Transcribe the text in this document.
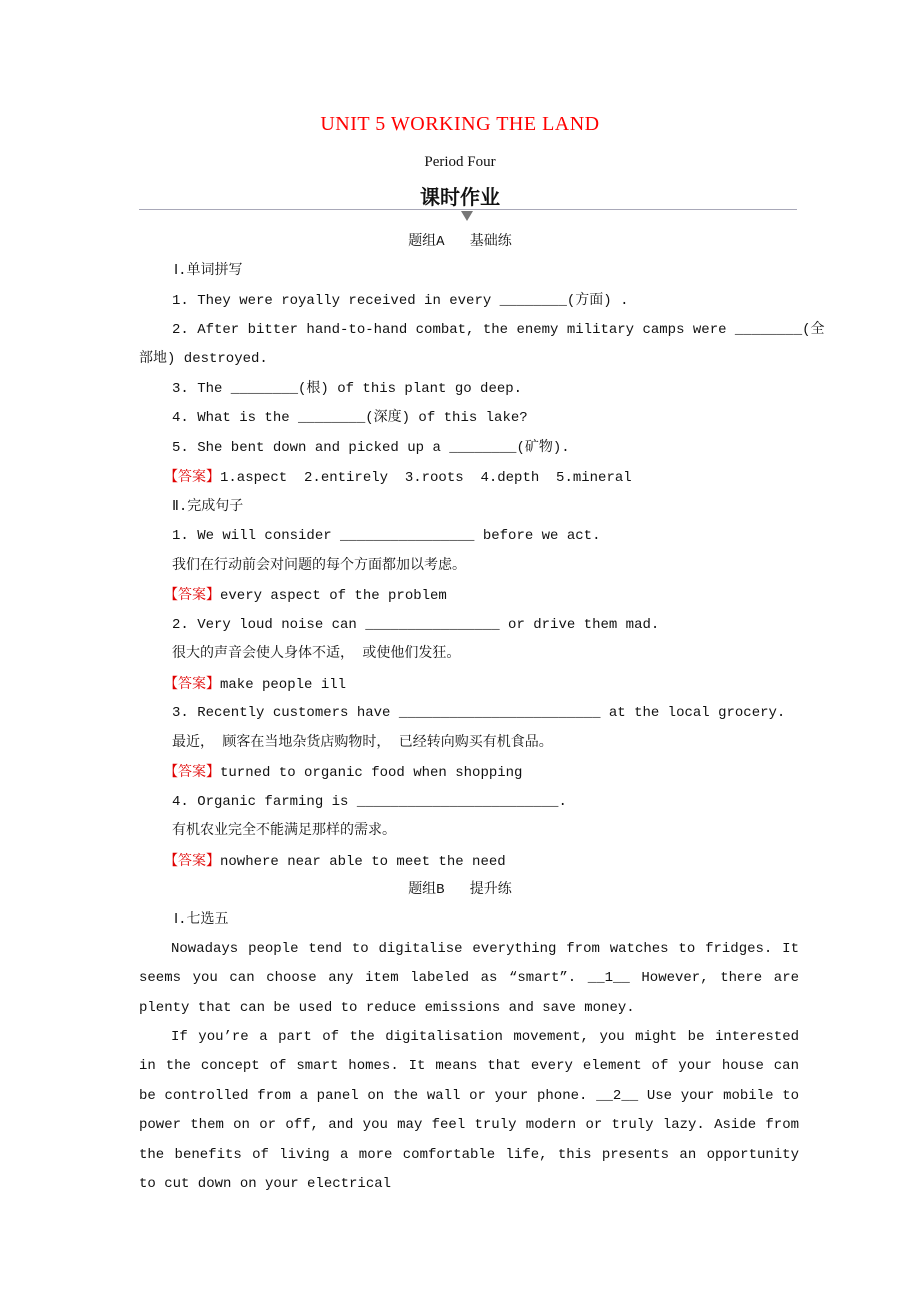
UNIT 5 WORKING THE LAND
Period Four
课时作业
题组A   基础练
Ⅰ.单词拼写
1. They were royally received in every ________(方面) .
2. After bitter hand-to-hand combat, the enemy military camps were ________(全
部地) destroyed.
3. The ________(根) of this plant go deep.
4. What is the ________(深度) of this lake?
5. She bent down and picked up a ________(矿物).
【答案】1.aspect  2.entirely  3.roots  4.depth  5.mineral
Ⅱ.完成句子
1. We will consider ________________ before we act.
我们在行动前会对问题的每个方面都加以考虑。
【答案】every aspect of the problem
2. Very loud noise can ________________ or drive them mad.
很大的声音会使人身体不适， 或使他们发狂。
【答案】make people ill
3. Recently customers have ________________________ at the local grocery.
最近， 顾客在当地杂货店购物时， 已经转向购买有机食品。
【答案】turned to organic food when shopping
4. Organic farming is ________________________.
有机农业完全不能满足那样的需求。
【答案】nowhere near able to meet the need
题组B   提升练
Ⅰ.七选五
Nowadays people tend to digitalise everything from watches to fridges. It seems you can choose any item labeled as “smart”. __1__ However, there are plenty that can be used to reduce emissions and save money.
If you’re a part of the digitalisation movement, you might be interested in the concept of smart homes. It means that every element of your house can be controlled from a panel on the wall or your phone. __2__ Use your mobile to power them on or off, and you may feel truly modern or truly lazy. Aside from the benefits of living a more comfortable life, this presents an opportunity to cut down on your electrical
